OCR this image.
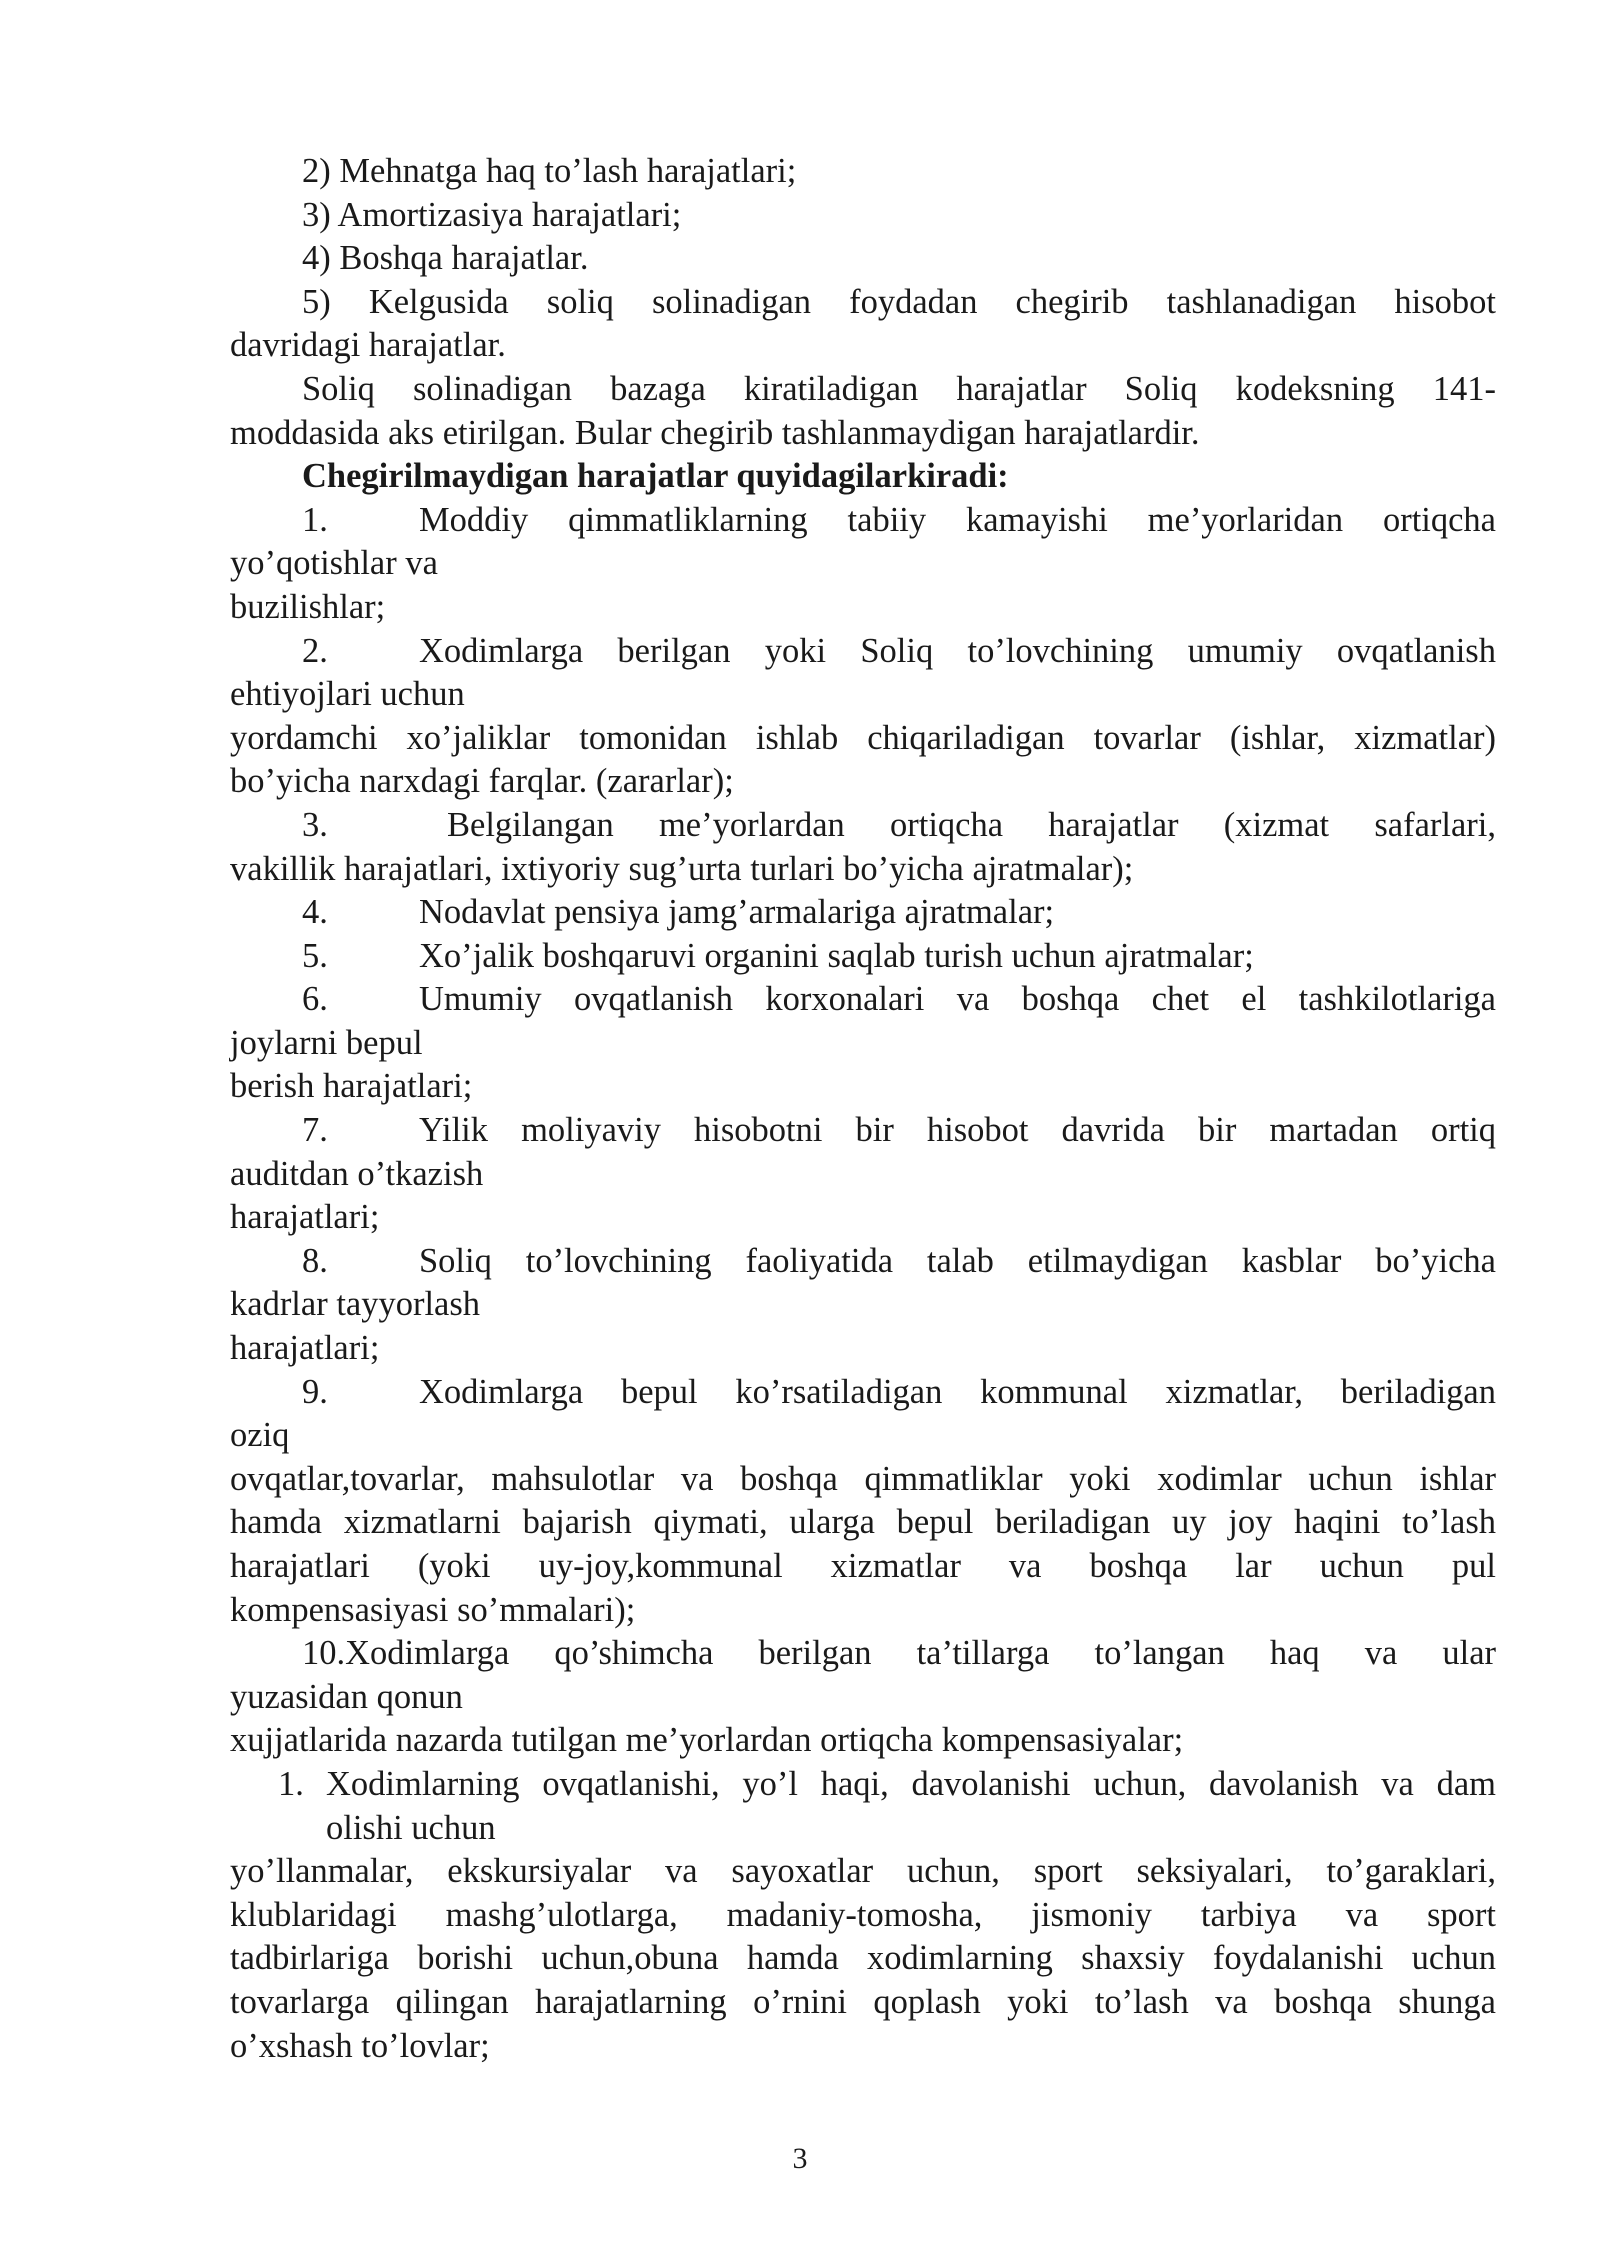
2) Mehnatga haq to’lash harajatlari;
3) Amortizasiya harajatlari;
4) Boshqa harajatlar.
5) Kelgusida soliq solinadigan foydadan chegirib tashlanadigan hisobot
davridagi harajatlar.
Soliq solinadigan bazaga kiratiladigan harajatlar Soliq kodeksning 141-
moddasida aks etirilgan. Bular chegirib tashlanmaydigan harajatlardir.
Chegirilmaydigan harajatlar quyidagilarkiradi:
1.	Moddiy qimmatliklarning tabiiy kamayishi me’yorlaridan ortiqcha
yo’qotishlar va
buzilishlar;
2.	Xodimlarga berilgan yoki Soliq to’lovchining umumiy ovqatlanish
ehtiyojlari uchun
yordamchi xo’jaliklar tomonidan ishlab chiqariladigan tovarlar (ishlar, xizmatlar)
bo’yicha narxdagi farqlar. (zararlar);
3.	Belgilangan me’yorlardan ortiqcha harajatlar (xizmat safarlari,
vakillik harajatlari, ixtiyoriy sug’urta turlari bo’yicha ajratmalar);
4.	Nodavlat pensiya jamg’armalariga ajratmalar;
5.	Xo’jalik boshqaruvi organini saqlab turish uchun ajratmalar;
6.	Umumiy ovqatlanish korxonalari va boshqa chet el tashkilotlariga
joylarni bepul
berish harajatlari;
7.	Yilik moliyaviy hisobotni bir hisobot davrida bir martadan ortiq
auditdan o’tkazish
harajatlari;
8.	Soliq to’lovchining faoliyatida talab etilmaydigan kasblar bo’yicha
kadrlar tayyorlash
harajatlari;
9.	Xodimlarga bepul ko’rsatiladigan kommunal xizmatlar, beriladigan
oziq
ovqatlar,tovarlar, mahsulotlar va boshqa qimmatliklar yoki xodimlar uchun ishlar
hamda xizmatlarni bajarish qiymati, ularga bepul beriladigan uy joy haqini to’lash
harajatlari (yoki uy-joy,kommunal xizmatlar va boshqa lar uchun pul
kompensasiyasi so’mmalari);
10.Xodimlarga qo’shimcha berilgan ta’tillarga to’langan haq va ular
yuzasidan qonun
xujjatlarida nazarda tutilgan me’yorlardan ortiqcha kompensasiyalar;
1. Xodimlarning ovqatlanishi, yo’l haqi, davolanishi uchun, davolanish va dam
olishi uchun
yo’llanmalar, ekskursiyalar va sayoxatlar uchun, sport seksiyalari, to’garaklari,
klublaridagi mashg’ulotlarga, madaniy-tomosha, jismoniy tarbiya va sport
tadbirlariga borishi uchun,obuna hamda xodimlarning shaxsiy foydalanishi uchun
tovarlarga qilingan harajatlarning o’rnini qoplash yoki to’lash va boshqa shunga
o’xshash to’lovlar;
3
